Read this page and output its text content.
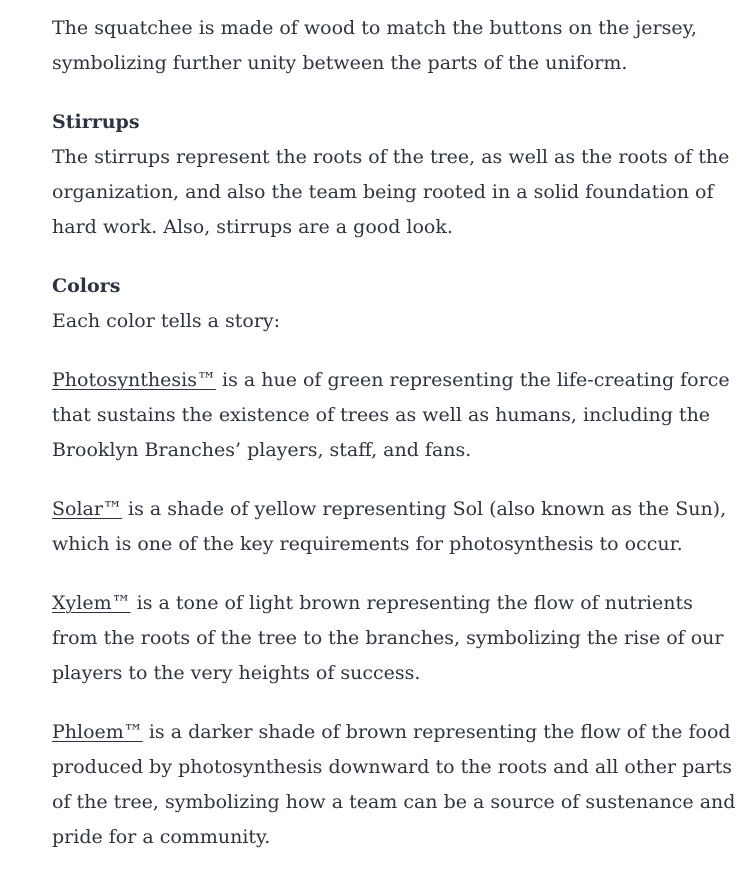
The squatchee is made of wood to match the buttons on the jersey, symbolizing further unity between the parts of the uniform.

Stirrups
The stirrups represent the roots of the tree, as well as the roots of the organization, and also the team being rooted in a solid foundation of hard work. Also, stirrups are a good look.

Colors
Each color tells a story:

Photosynthesis™ is a hue of green representing the life-creating force that sustains the existence of trees as well as humans, including the Brooklyn Branches’ players, staff, and fans.

Solar™ is a shade of yellow representing Sol (also known as the Sun), which is one of the key requirements for photosynthesis to occur.

Xylem™ is a tone of light brown representing the flow of nutrients from the roots of the tree to the branches, symbolizing the rise of our players to the very heights of success.

Phloem™ is a darker shade of brown representing the flow of the food produced by photosynthesis downward to the roots and all other parts of the tree, symbolizing how a team can be a source of sustenance and pride for a community.
